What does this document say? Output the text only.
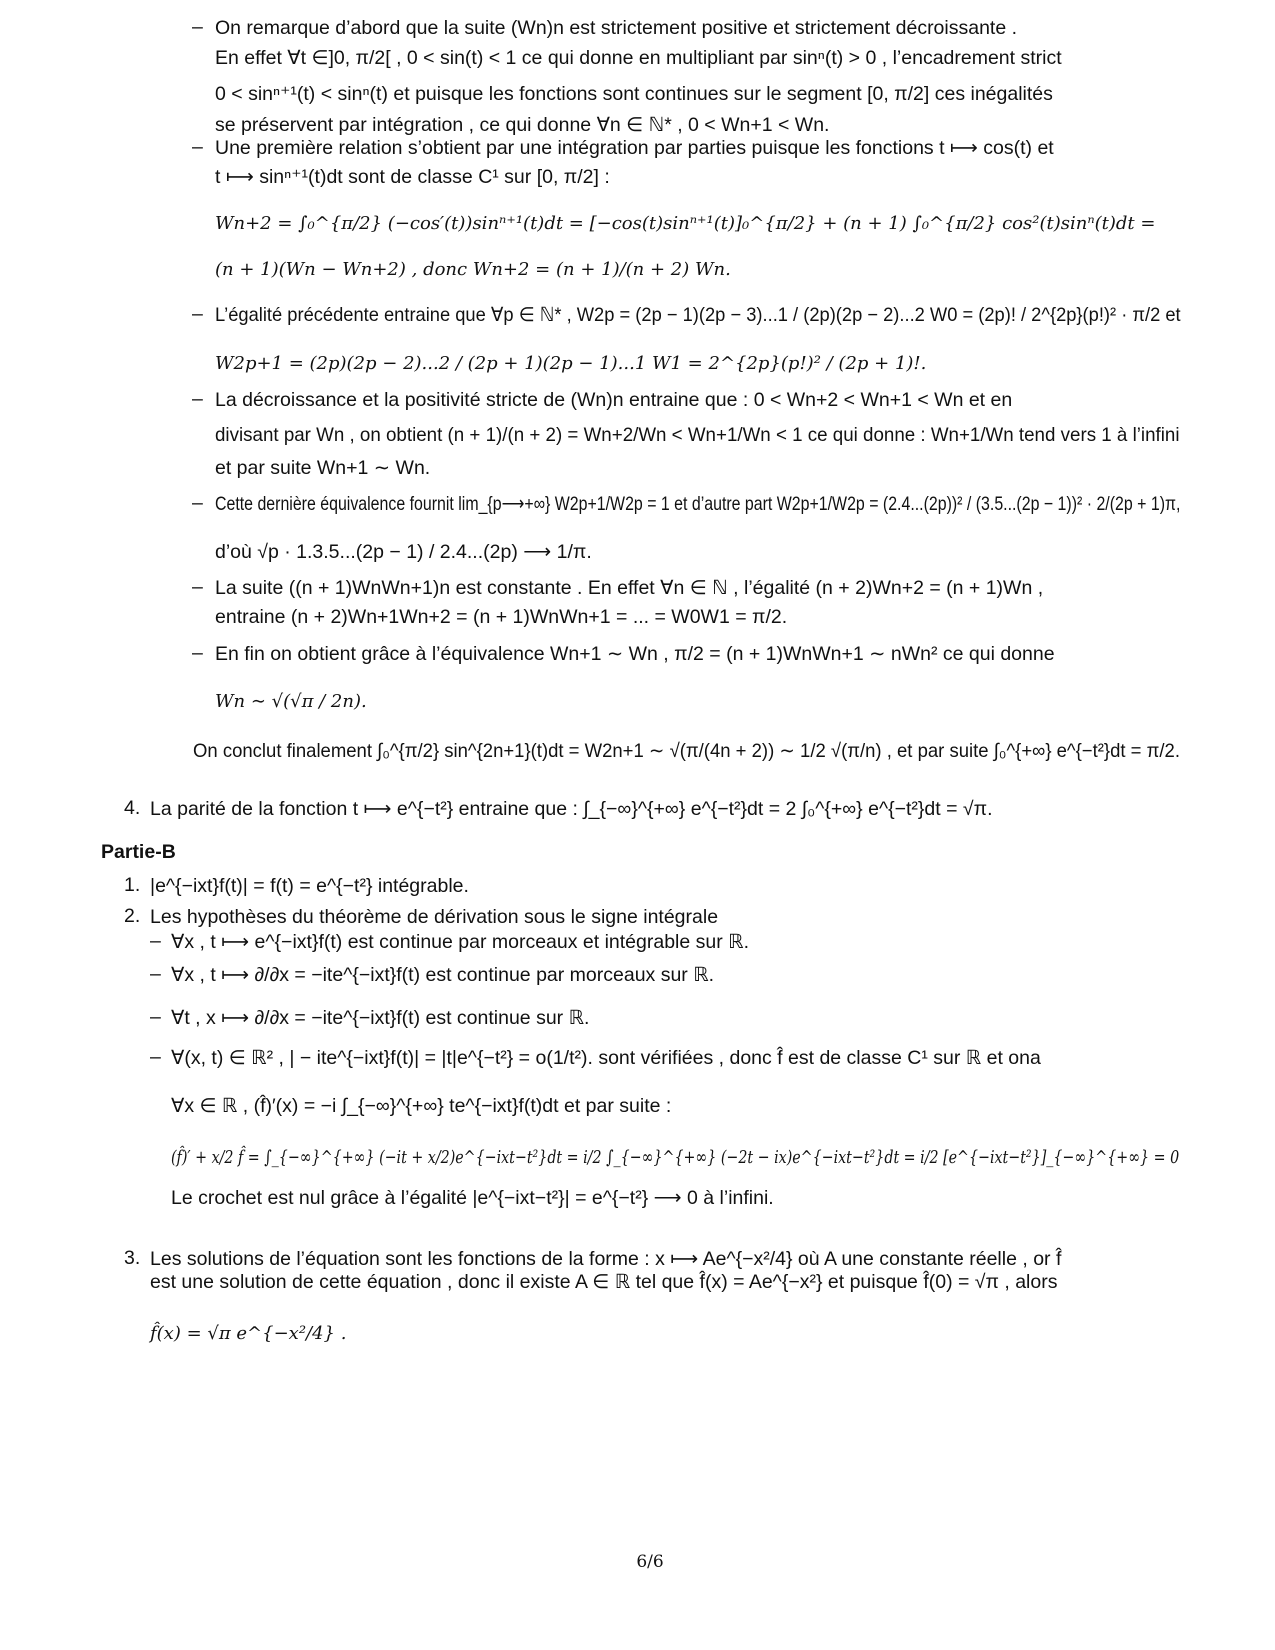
– On remarque d’abord que la suite (Wn)n est strictement positive et strictement décroissante .
En effet ∀t ∈]0, π/2[ , 0 < sin(t) < 1 ce qui donne en multipliant par sinⁿ(t) > 0 , l’encadrement strict
0 < sinⁿ⁺¹(t) < sinⁿ(t) et puisque les fonctions sont continues sur le segment [0, π/2] ces inégalités
se préservent par intégration , ce qui donne ∀n ∈ ℕ* , 0 < Wn+1 < Wn.
– Une première relation s’obtient par une intégration par parties puisque les fonctions t ⟼ cos(t) et
t ⟼ sinⁿ⁺¹(t)dt sont de classe C¹ sur [0, π/2] :
Wn+2 = ∫₀^{π/2} (−cos′(t))sinⁿ⁺¹(t)dt = [−cos(t)sinⁿ⁺¹(t)]₀^{π/2} + (n + 1) ∫₀^{π/2} cos²(t)sinⁿ(t)dt =
(n + 1)(Wn − Wn+2) , donc Wn+2 = (n + 1)/(n + 2) Wn.
– L’égalité précédente entraine que ∀p ∈ ℕ* , W2p = (2p − 1)(2p − 3)...1 / (2p)(2p − 2)...2 W0 = (2p)! / 2^{2p}(p!)² · π/2 et
W2p+1 = (2p)(2p − 2)...2 / (2p + 1)(2p − 1)...1 W1 = 2^{2p}(p!)² / (2p + 1)!.
– La décroissance et la positivité stricte de (Wn)n entraine que : 0 < Wn+2 < Wn+1 < Wn et en
divisant par Wn , on obtient (n + 1)/(n + 2) = Wn+2/Wn < Wn+1/Wn < 1 ce qui donne : Wn+1/Wn tend vers 1 à l’infini
et par suite Wn+1 ∼ Wn.
– Cette dernière équivalence fournit lim_{p⟶+∞} W2p+1/W2p = 1 et d’autre part W2p+1/W2p = (2.4...(2p))² / (3.5...(2p − 1))² · 2/(2p + 1)π,
d’où √p · 1.3.5...(2p − 1) / 2.4...(2p) ⟶ 1/π.
– La suite ((n + 1)WnWn+1)n est constante . En effet ∀n ∈ ℕ , l’égalité (n + 2)Wn+2 = (n + 1)Wn ,
entraine (n + 2)Wn+1Wn+2 = (n + 1)WnWn+1 = ... = W0W1 = π/2.
– En fin on obtient grâce à l’équivalence Wn+1 ∼ Wn , π/2 = (n + 1)WnWn+1 ∼ nWn² ce qui donne
Wn ∼ √(√π / 2n).
On conclut finalement ∫₀^{π/2} sin^{2n+1}(t)dt = W2n+1 ∼ √(π/(4n + 2)) ∼ 1/2 √(π/n) , et par suite ∫₀^{+∞} e^{−t²}dt = π/2.
4. La parité de la fonction t ⟼ e^{−t²} entraine que : ∫_{−∞}^{+∞} e^{−t²}dt = 2 ∫₀^{+∞} e^{−t²}dt = √π.
Partie-B
1. |e^{−ixt}f(t)| = f(t) = e^{−t²} intégrable.
2. Les hypothèses du théorème de dérivation sous le signe intégrale
– ∀x , t ⟼ e^{−ixt}f(t) est continue par morceaux et intégrable sur ℝ.
– ∀x , t ⟼ ∂/∂x = −ite^{−ixt}f(t) est continue par morceaux sur ℝ.
– ∀t , x ⟼ ∂/∂x = −ite^{−ixt}f(t) est continue sur ℝ.
– ∀(x, t) ∈ ℝ² , | − ite^{−ixt}f(t)| = |t|e^{−t²} = o(1/t²). sont vérifiées , donc f̂ est de classe C¹ sur ℝ et ona
∀x ∈ ℝ , (f̂)′(x) = −i ∫_{−∞}^{+∞} te^{−ixt}f(t)dt et par suite :
(f̂)′ + x/2 f̂ = ∫_{−∞}^{+∞} (−it + x/2)e^{−ixt−t²}dt = i/2 ∫_{−∞}^{+∞} (−2t − ix)e^{−ixt−t²}dt = i/2 [e^{−ixt−t²}]_{−∞}^{+∞} = 0
Le crochet est nul grâce à l’égalité |e^{−ixt−t²}| = e^{−t²} ⟶ 0 à l’infini.
3. Les solutions de l’équation sont les fonctions de la forme : x ⟼ Ae^{−x²/4} où A une constante réelle , or f̂
est une solution de cette équation , donc il existe A ∈ ℝ tel que f̂(x) = Ae^{−x²} et puisque f̂(0) = √π , alors
f̂(x) = √π e^{−x²/4} .
6/6
